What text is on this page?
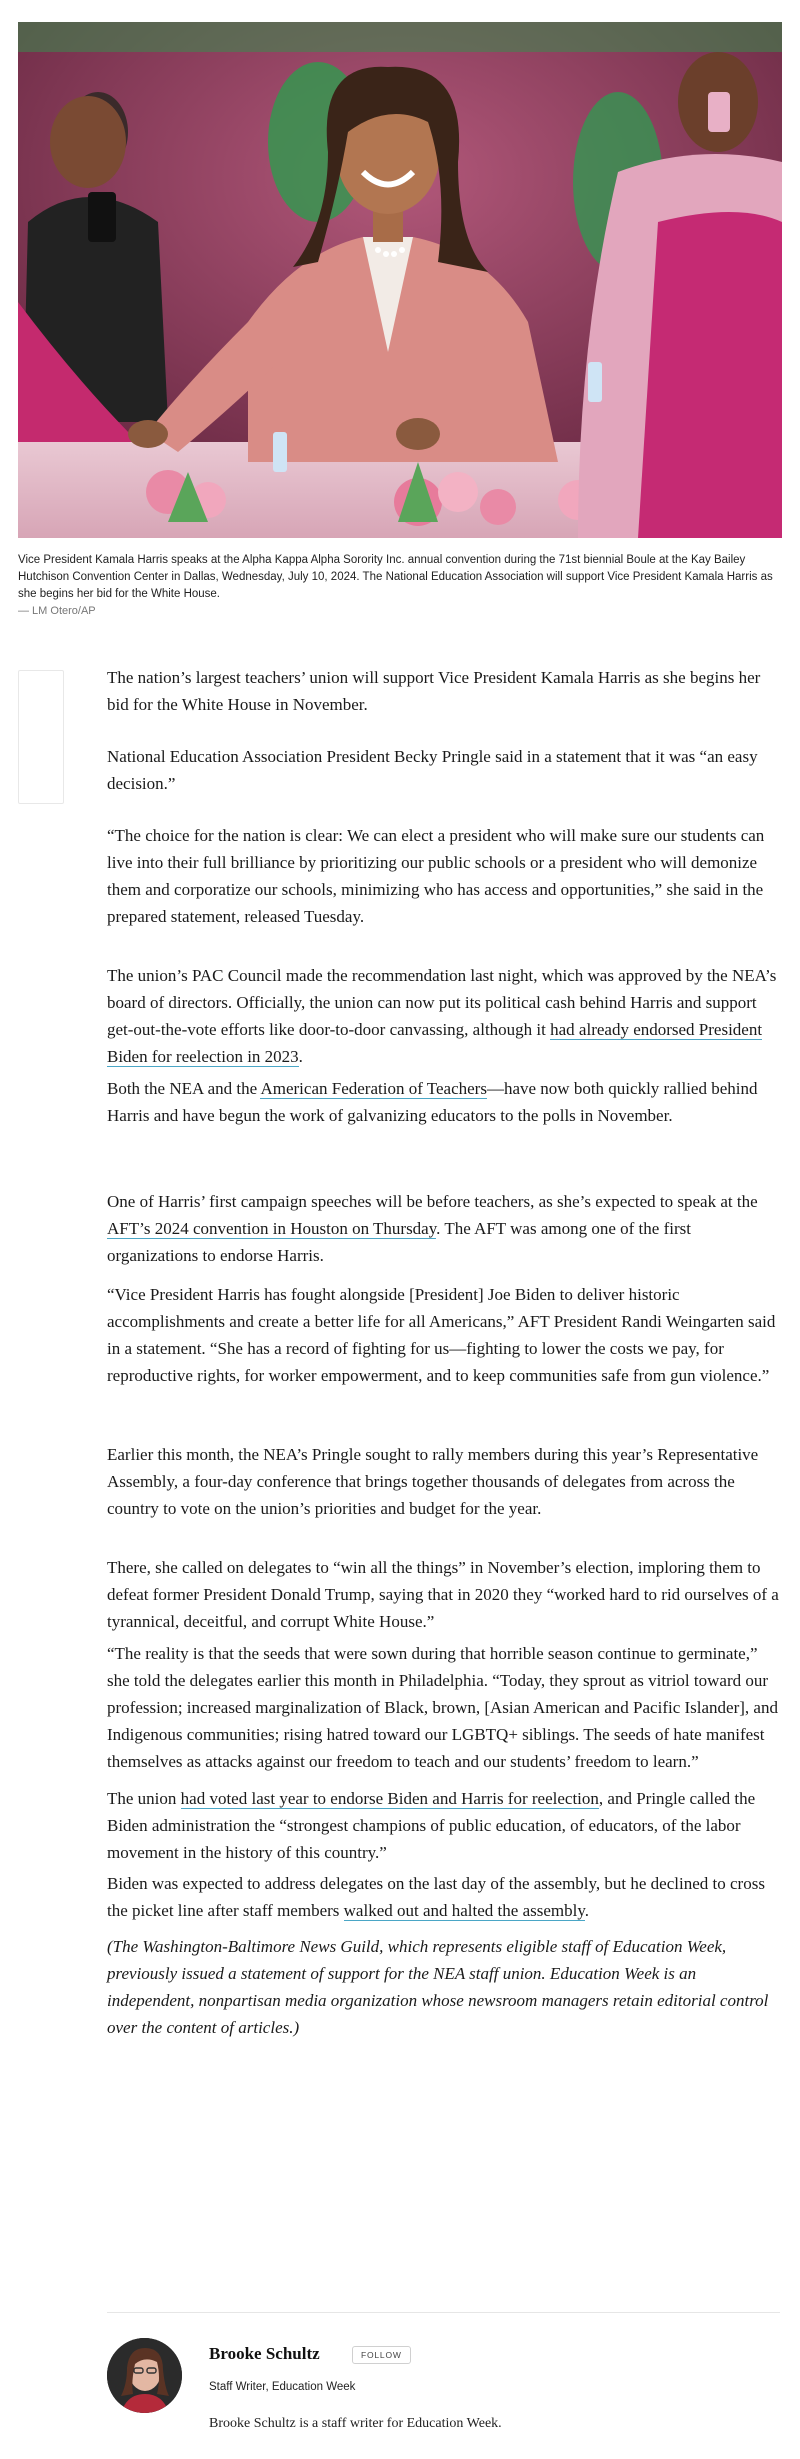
Vice President Kamala Harris speaks at the Alpha Kappa Alpha Sorority Inc. annual convention during the 71st biennial Boule at the Kay Bailey Hutchison Convention Center in Dallas, Wednesday, July 10, 2024. The National Education Association will support Vice President Kamala Harris as she begins her bid for the White House.
— LM Otero/AP

The nation’s largest teachers’ union will support Vice President Kamala Harris as she begins her bid for the White House in November.

National Education Association President Becky Pringle said in a statement that it was “an easy decision.”

“The choice for the nation is clear: We can elect a president who will make sure our students can live into their full brilliance by prioritizing our public schools or a president who will demonize them and corporatize our schools, minimizing who has access and opportunities,” she said in the prepared statement, released Tuesday.

The union’s PAC Council made the recommendation last night, which was approved by the NEA’s board of directors. Officially, the union can now put its political cash behind Harris and support get-out-the-vote efforts like door-to-door canvassing, although it had already endorsed President Biden for reelection in 2023.

Both the NEA and the American Federation of Teachers—have now both quickly rallied behind Harris and have begun the work of galvanizing educators to the polls in November.

One of Harris’ first campaign speeches will be before teachers, as she’s expected to speak at the AFT’s 2024 convention in Houston on Thursday. The AFT was among one of the first organizations to endorse Harris.

“Vice President Harris has fought alongside [President] Joe Biden to deliver historic accomplishments and create a better life for all Americans,” AFT President Randi Weingarten said in a statement. “She has a record of fighting for us—fighting to lower the costs we pay, for reproductive rights, for worker empowerment, and to keep communities safe from gun violence.”

Earlier this month, the NEA’s Pringle sought to rally members during this year’s Representative Assembly, a four-day conference that brings together thousands of delegates from across the country to vote on the union’s priorities and budget for the year.

There, she called on delegates to “win all the things” in November’s election, imploring them to defeat former President Donald Trump, saying that in 2020 they “worked hard to rid ourselves of a tyrannical, deceitful, and corrupt White House.”

“The reality is that the seeds that were sown during that horrible season continue to germinate,” she told the delegates earlier this month in Philadelphia. “Today, they sprout as vitriol toward our profession; increased marginalization of Black, brown, [Asian American and Pacific Islander], and Indigenous communities; rising hatred toward our LGBTQ+ siblings. The seeds of hate manifest themselves as attacks against our freedom to teach and our students’ freedom to learn.”

The union had voted last year to endorse Biden and Harris for reelection, and Pringle called the Biden administration the “strongest champions of public education, of educators, of the labor movement in the history of this country.”

Biden was expected to address delegates on the last day of the assembly, but he declined to cross the picket line after staff members walked out and halted the assembly.

(The Washington-Baltimore News Guild, which represents eligible staff of Education Week, previously issued a statement of support for the NEA staff union. Education Week is an independent, nonpartisan media organization whose newsroom managers retain editorial control over the content of articles.)

Brooke Schultz	FOLLOW
Staff Writer, Education Week
Brooke Schultz is a staff writer for Education Week.
